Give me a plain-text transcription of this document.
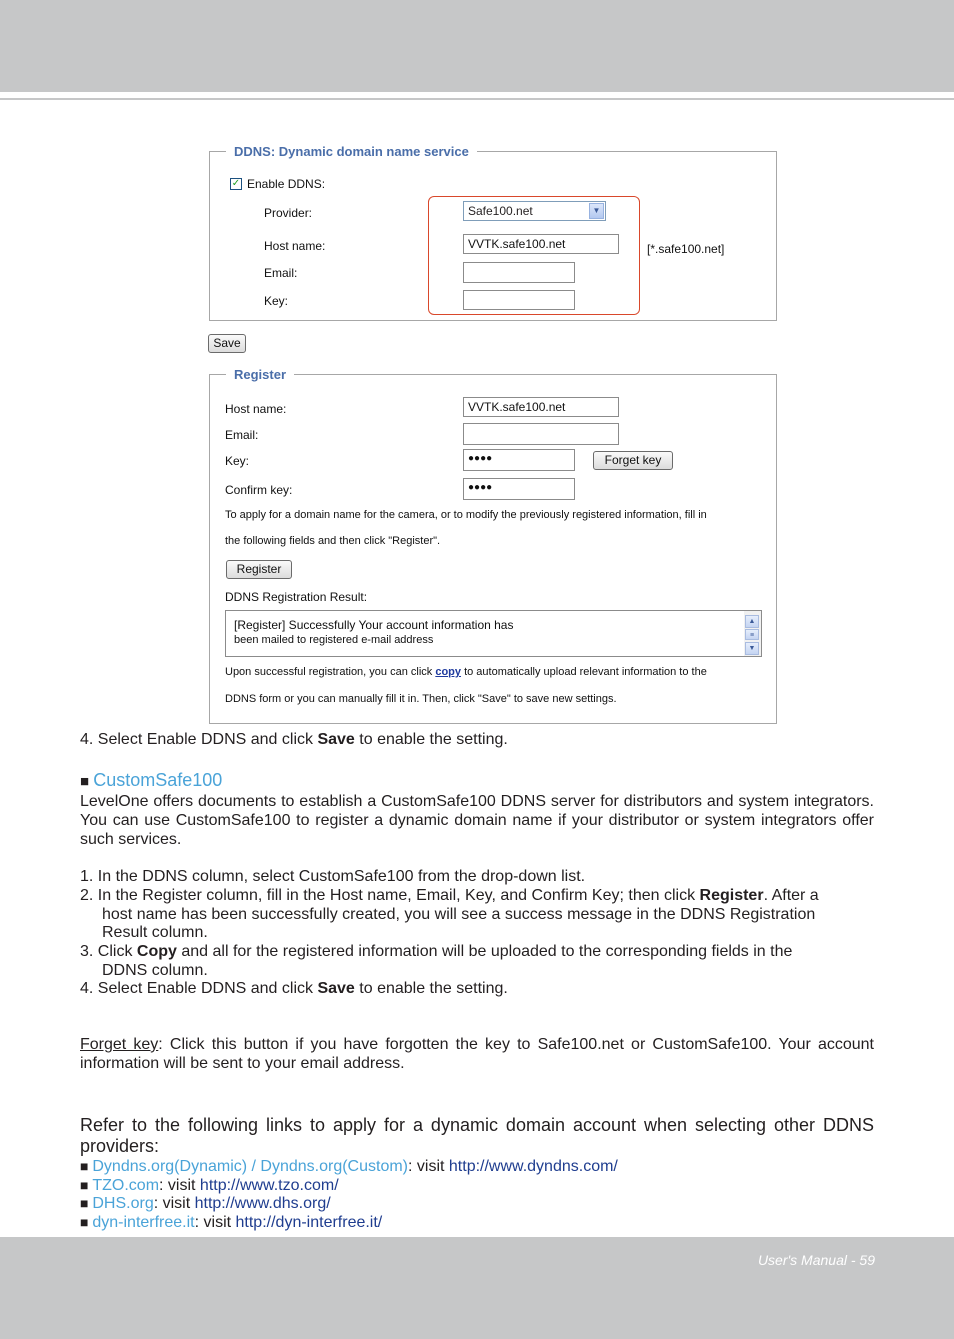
DDNS: Dynamic domain name service
✓ Enable DDNS:
Provider:	Safe100.net	▼
Host name:	VVTK.safe100.net	[*.safe100.net]
Email:
Key:
Save
Register
Host name:	VVTK.safe100.net
Email:
Key:	●●●●	Forget key
Confirm key:	●●●●
To apply for a domain name for the camera, or to modify the previously registered information, fill in
the following fields and then click "Register".
Register
DDNS Registration Result:
[Register] Successfully Your account information has
been mailed to registered e-mail address
▲
≡
▼
Upon successful registration, you can click copy to automatically upload relevant information to the
DDNS form or you can manually fill it in. Then, click "Save" to save new settings.
4. Select Enable DDNS and click Save to enable the setting.
■ CustomSafe100
LevelOne offers documents to establish a CustomSafe100 DDNS server for distributors and system integrators. You can use CustomSafe100 to register a dynamic domain name if your distributor or system integrators offer such services.
1. In the DDNS column, select CustomSafe100 from the drop-down list.
2. In the Register column, fill in the Host name, Email, Key, and Confirm Key; then click Register. After a
host name has been successfully created, you will see a success message in the DDNS Registration
Result column.
3. Click Copy and all for the registered information will be uploaded to the corresponding fields in the
DDNS column.
4. Select Enable DDNS and click Save to enable the setting.
Forget key: Click this button if you have forgotten the key to Safe100.net or CustomSafe100. Your account information will be sent to your email address.
Refer to the following links to apply for a dynamic domain account when selecting other DDNS providers:
■ Dyndns.org(Dynamic) / Dyndns.org(Custom): visit http://www.dyndns.com/
■ TZO.com: visit http://www.tzo.com/
■ DHS.org: visit http://www.dhs.org/
■ dyn-interfree.it: visit http://dyn-interfree.it/
User's Manual - 59
